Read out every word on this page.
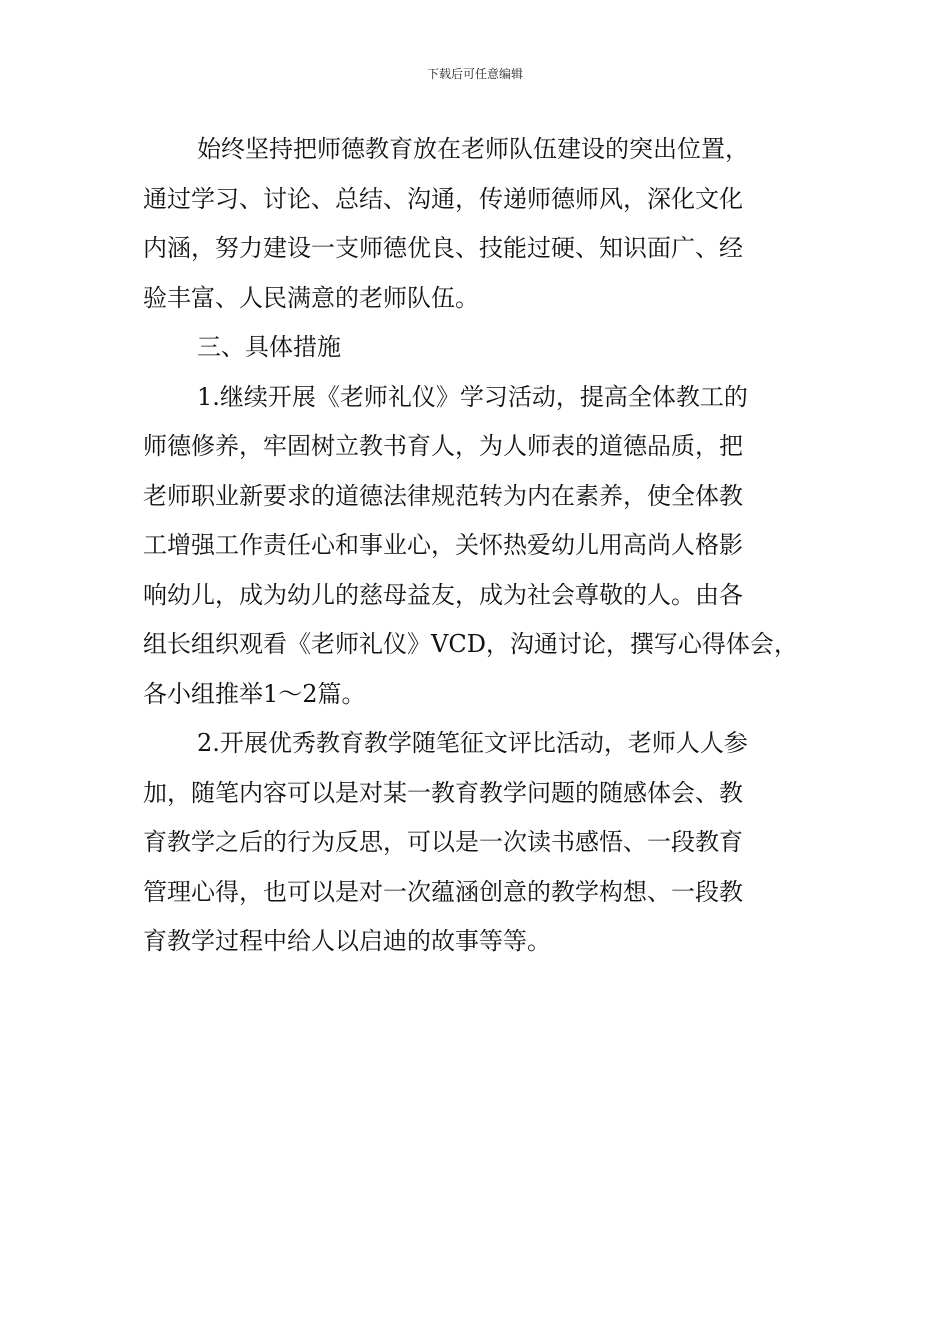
下载后可任意编辑
始终坚持把师德教育放在老师队伍建设的突出位置，
通过学习、讨论、总结、沟通，传递师德师风，深化文化
内涵，努力建设一支师德优良、技能过硬、知识面广、经
验丰富、人民满意的老师队伍。
三、具体措施
1.继续开展《老师礼仪》学习活动，提高全体教工的
师德修养，牢固树立教书育人，为人师表的道德品质，把
老师职业新要求的道德法律规范转为内在素养，使全体教
工增强工作责任心和事业心，关怀热爱幼儿用高尚人格影
响幼儿，成为幼儿的慈母益友，成为社会尊敬的人。由各
组长组织观看《老师礼仪》VCD，沟通讨论，撰写心得体会，
各小组推举1～2篇。
2.开展优秀教育教学随笔征文评比活动，老师人人参
加，随笔内容可以是对某一教育教学问题的随感体会、教
育教学之后的行为反思，可以是一次读书感悟、一段教育
管理心得，也可以是对一次蕴涵创意的教学构想、一段教
育教学过程中给人以启迪的故事等等。
